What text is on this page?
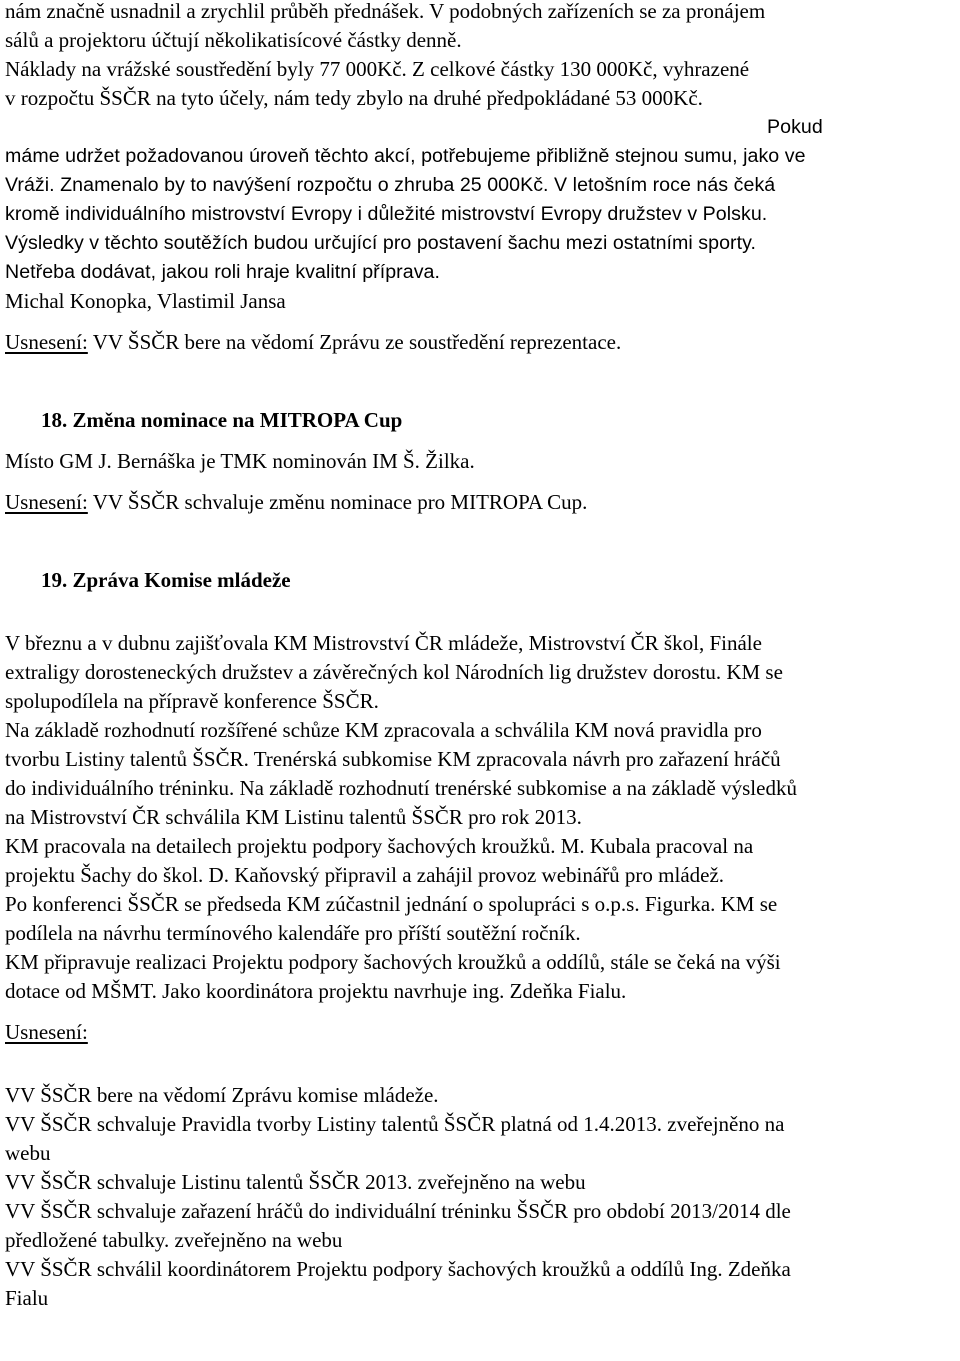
nám značně usnadnil a zrychlil průběh přednášek. V podobných zařízeních se za pronájem
sálů a projektoru účtují několikatisícové částky denně.
Náklady na vrážské soustředění byly 77 000Kč. Z celkové částky 130 000Kč, vyhrazené
v rozpočtu ŠSČR na tyto účely, nám tedy zbylo na druhé předpokládané 53 000Kč.
Pokud

máme udržet požadovanou úroveň těchto akcí, potřebujeme přibližně stejnou sumu, jako ve
Vráži. Znamenalo by to navýšení rozpočtu o zhruba 25 000Kč. V letošním roce nás čeká
kromě individuálního mistrovství Evropy i důležité mistrovství Evropy družstev v Polsku.
Výsledky v těchto soutěžích budou určující pro postavení šachu mezi ostatními sporty.
Netřeba dodávat, jakou roli hraje kvalitní příprava.
Michal Konopka, Vlastimil Jansa
Usnesení: VV ŠSČR bere na vědomí Zprávu ze soustředění reprezentace.
18. Změna nominace na MITROPA Cup
Místo GM J. Bernáška je TMK nominován IM Š. Žilka.
Usnesení: VV ŠSČR schvaluje změnu nominace pro MITROPA Cup.
19. Zpráva Komise mládeže
V březnu a v dubnu zajišťovala KM Mistrovství ČR mládeže, Mistrovství ČR škol, Finále
extraligy dorosteneckých družstev a závěrečných kol Národních lig družstev dorostu. KM se
spolupodílela na přípravě konference ŠSČR.
Na základě rozhodnutí rozšířené schůze KM zpracovala a schválila KM nová pravidla pro
tvorbu Listiny talentů ŠSČR. Trenérská subkomise KM zpracovala návrh pro zařazení hráčů
do individuálního tréninku. Na základě rozhodnutí trenérské subkomise a na základě výsledků
na Mistrovství ČR schválila KM Listinu talentů ŠSČR pro rok 2013.
KM pracovala na detailech projektu podpory šachových kroužků. M. Kubala pracoval na
projektu Šachy do škol. D. Kaňovský připravil a zahájil provoz webinářů pro mládež.
Po konferenci ŠSČR se předseda KM zúčastnil jednání o spolupráci s o.p.s. Figurka. KM se
podílela na návrhu termínového kalendáře pro příští soutěžní ročník.
KM připravuje realizaci Projektu podpory šachových kroužků a oddílů, stále se čeká na výši
dotace od MŠMT. Jako koordinátora projektu navrhuje ing. Zdeňka Fialu.
Usnesení:
VV ŠSČR bere na vědomí Zprávu komise mládeže.
VV ŠSČR schvaluje Pravidla tvorby Listiny talentů ŠSČR platná od 1.4.2013. zveřejněno na
webu
VV ŠSČR schvaluje Listinu talentů ŠSČR 2013. zveřejněno na webu
VV ŠSČR schvaluje zařazení hráčů do individuální tréninku ŠSČR pro období 2013/2014 dle
předložené tabulky. zveřejněno na webu
VV ŠSČR schválil koordinátorem Projektu podpory šachových kroužků a oddílů Ing. Zdeňka
Fialu
